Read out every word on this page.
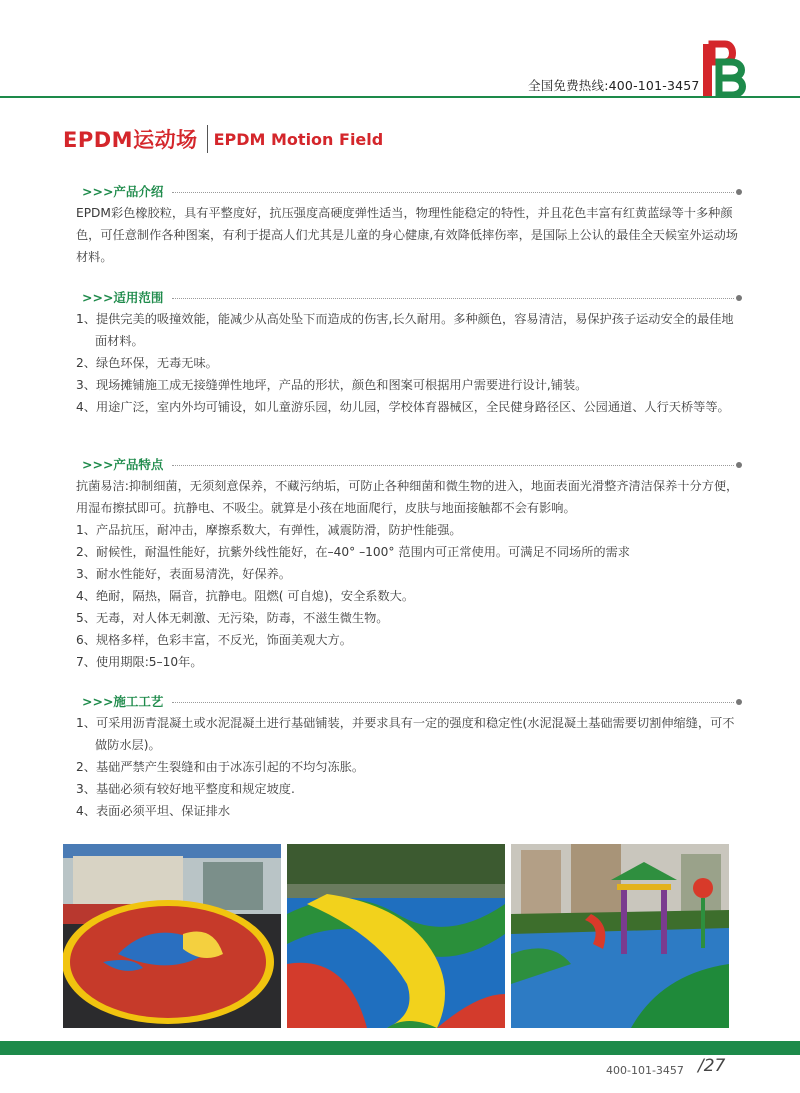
全国免费热线:400-101-3457
EPDM运动场 EPDM Motion Field
>>>产品介绍

EPDM彩色橡胶粒，具有平整度好，抗压强度高硬度弹性适当，物理性能稳定的特性，并且花色丰富有红黄蓝绿等十多种颜色，可任意制作各种图案，有利于提高人们尤其是儿童的身心健康,有效降低摔伤率，是国际上公认的最佳全天候室外运动场材料。

>>>适用范围

1、提供完美的吸撞效能，能减少从高处坠下而造成的伤害,长久耐用。多种颜色，容易清洁，易保护孩子运动安全的最佳地面材料。

2、绿色环保，无毒无味。

3、现场摊铺施工成无接缝弹性地坪，产品的形状，颜色和图案可根据用户需要进行设计,铺装。

4、用途广泛，室内外均可铺设，如儿童游乐园，幼儿园，学校体育器械区，全民健身路径区、公园通道、人行天桥等等。

>>>产品特点

抗菌易洁:抑制细菌，无须刻意保养，不藏污纳垢，可防止各种细菌和微生物的进入，地面表面光滑整齐清洁保养十分方便，用湿布擦拭即可。抗静电、不吸尘。就算是小孩在地面爬行，皮肤与地面接触都不会有影响。

1、产品抗压，耐冲击，摩擦系数大，有弹性，减震防滑，防护性能强。

2、耐候性，耐温性能好，抗紫外线性能好，在–40° –100° 范围内可正常使用。可满足不同场所的需求

3、耐水性能好，表面易清洗，好保养。

4、绝耐，隔热，隔音，抗静电。阻燃( 可自熄)，安全系数大。

5、无毒，对人体无刺激、无污染，防毒，不滋生微生物。

6、规格多样，色彩丰富，不反光，饰面美观大方。

7、使用期限:5–10年。

>>>施工工艺

1、可采用沥青混凝土或水泥混凝土进行基础铺装，并要求具有一定的强度和稳定性(水泥混凝土基础需要切割伸缩缝，可不做防水层)。

2、基础严禁产生裂缝和由于冰冻引起的不均匀冻胀。

3、基础必须有较好地平整度和规定坡度.

4、表面必须平坦、保证排水

400-101-3457 /27
